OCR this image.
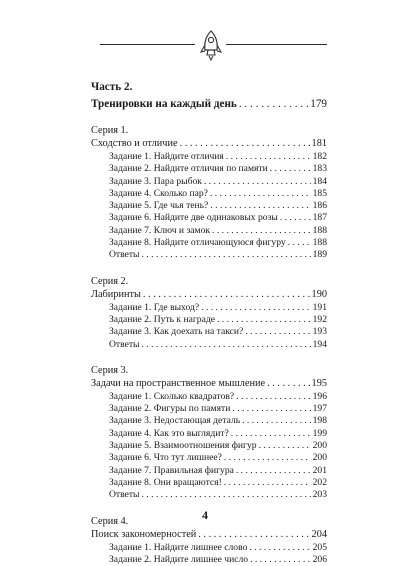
Часть 2.
Тренировки на каждый день . . .	179
Серия 1.
Сходство и отличие . . .	181
Задание 1. Найдите отличия . . .	182
Задание 2. Найдите отличия по памяти . . .	183
Задание 3. Пара рыбок . . .	184
Задание 4. Сколько пар? . . .	185
Задание 5. Где чья тень? . . .	186
Задание 6. Найдите две одинаковых розы . . .	187
Задание 7. Ключ и замок . . .	188
Задание 8. Найдите отличающуюся фигуру . . .	188
Ответы . . .	189
Серия 2.
Лабиринты . . .	190
Задание 1. Где выход? . . .	191
Задание 2. Путь к награде . . .	192
Задание 3. Как доехать на такси? . . .	193
Ответы . . .	194
Серия 3.
Задачи на пространственное мышление . . .	195
Задание 1. Сколько квадратов? . . .	196
Задание 2. Фигуры по памяти . . .	197
Задание 3. Недостающая деталь . . .	198
Задание 4. Как это выглядит? . . .	199
Задание 5. Взаимоотношения фигур . . .	200
Задание 6. Что тут лишнее? . . .	200
Задание 7. Правильная фигура . . .	201
Задание 8. Они вращаются! . . .	202
Ответы . . .	203
Серия 4.
Поиск закономерностей . . .	204
Задание 1. Найдите лишнее слово . . .	205
Задание 2. Найдите лишнее число . . .	206
4
